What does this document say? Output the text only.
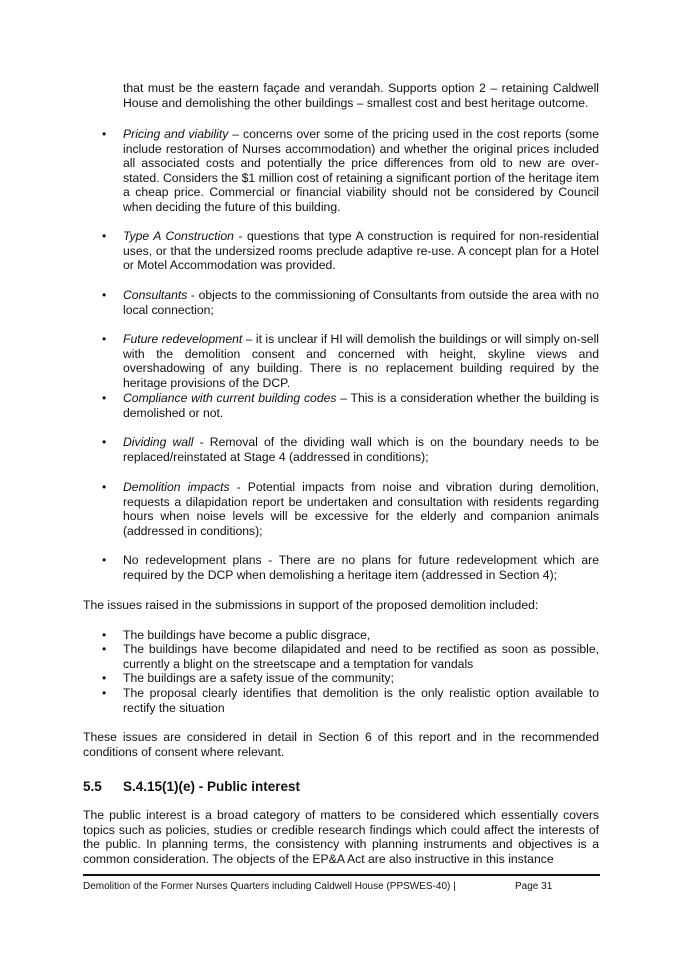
that must be the eastern façade and verandah. Supports option 2 – retaining Caldwell House and demolishing the other buildings – smallest cost and best heritage outcome.

• Pricing and viability – concerns over some of the pricing used in the cost reports (some include restoration of Nurses accommodation) and whether the original prices included all associated costs and potentially the price differences from old to new are over-stated. Considers the $1 million cost of retaining a significant portion of the heritage item a cheap price. Commercial or financial viability should not be considered by Council when deciding the future of this building.

• Type A Construction - questions that type A construction is required for non-residential uses, or that the undersized rooms preclude adaptive re-use. A concept plan for a Hotel or Motel Accommodation was provided.

• Consultants - objects to the commissioning of Consultants from outside the area with no local connection;

• Future redevelopment – it is unclear if HI will demolish the buildings or will simply on-sell with the demolition consent and concerned with height, skyline views and overshadowing of any building. There is no replacement building required by the heritage provisions of the DCP.

• Compliance with current building codes – This is a consideration whether the building is demolished or not.

• Dividing wall - Removal of the dividing wall which is on the boundary needs to be replaced/reinstated at Stage 4 (addressed in conditions);

• Demolition impacts - Potential impacts from noise and vibration during demolition, requests a dilapidation report be undertaken and consultation with residents regarding hours when noise levels will be excessive for the elderly and companion animals (addressed in conditions);

• No redevelopment plans - There are no plans for future redevelopment which are required by the DCP when demolishing a heritage item (addressed in Section 4);

The issues raised in the submissions in support of the proposed demolition included:

• The buildings have become a public disgrace,

• The buildings have become dilapidated and need to be rectified as soon as possible, currently a blight on the streetscape and a temptation for vandals

• The buildings are a safety issue of the community;

• The proposal clearly identifies that demolition is the only realistic option available to rectify the situation

These issues are considered in detail in Section 6 of this report and in the recommended conditions of consent where relevant.

5.5 S.4.15(1)(e) - Public interest

The public interest is a broad category of matters to be considered which essentially covers topics such as policies, studies or credible research findings which could affect the interests of the public. In planning terms, the consistency with planning instruments and objectives is a common consideration. The objects of the EP&A Act are also instructive in this instance

Demolition of the Former Nurses Quarters including Caldwell House (PPSWES-40) |	Page 31
